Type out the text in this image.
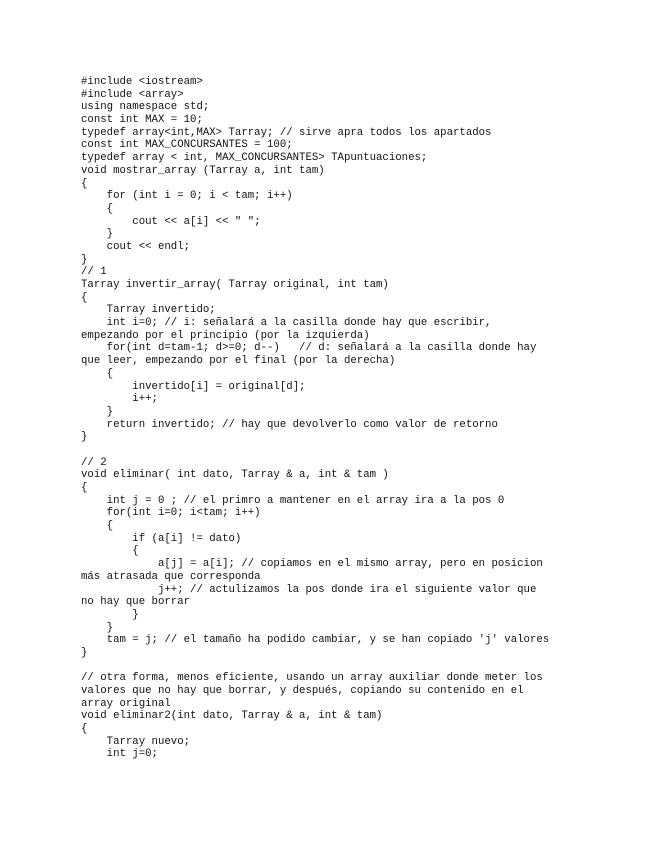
#include <iostream>
#include <array>
using namespace std;
const int MAX = 10;
typedef array<int,MAX> Tarray; // sirve apra todos los apartados
const int MAX_CONCURSANTES = 100;
typedef array < int, MAX_CONCURSANTES> TApuntuaciones;
void mostrar_array (Tarray a, int tam)
{
for (int i = 0; i < tam; i++)
{
cout << a[i] << " ";
}
cout << endl;
}
// 1
Tarray invertir_array( Tarray original, int tam)
{
Tarray invertido;
int i=0; // i: señalará a la casilla donde hay que escribir,
empezando por el principio (por la izquierda)
for(int d=tam-1; d>=0; d--)   // d: señalará a la casilla donde hay
que leer, empezando por el final (por la derecha)
{
invertido[i] = original[d];
i++;
}
return invertido; // hay que devolverlo como valor de retorno
}
// 2
void eliminar( int dato, Tarray & a, int & tam )
{
int j = 0 ; // el primro a mantener en el array ira a la pos 0
for(int i=0; i<tam; i++)
{
if (a[i] != dato)
{
a[j] = a[i]; // copiamos en el mismo array, pero en posicion
más atrasada que corresponda
j++; // actulizamos la pos donde ira el siguiente valor que
no hay que borrar
}
}
tam = j; // el tamaño ha podido cambiar, y se han copiado 'j' valores
}
// otra forma, menos eficiente, usando un array auxiliar donde meter los
valores que no hay que borrar, y después, copiando su contenido en el
array original
void eliminar2(int dato, Tarray & a, int & tam)
{
Tarray nuevo;
int j=0;
